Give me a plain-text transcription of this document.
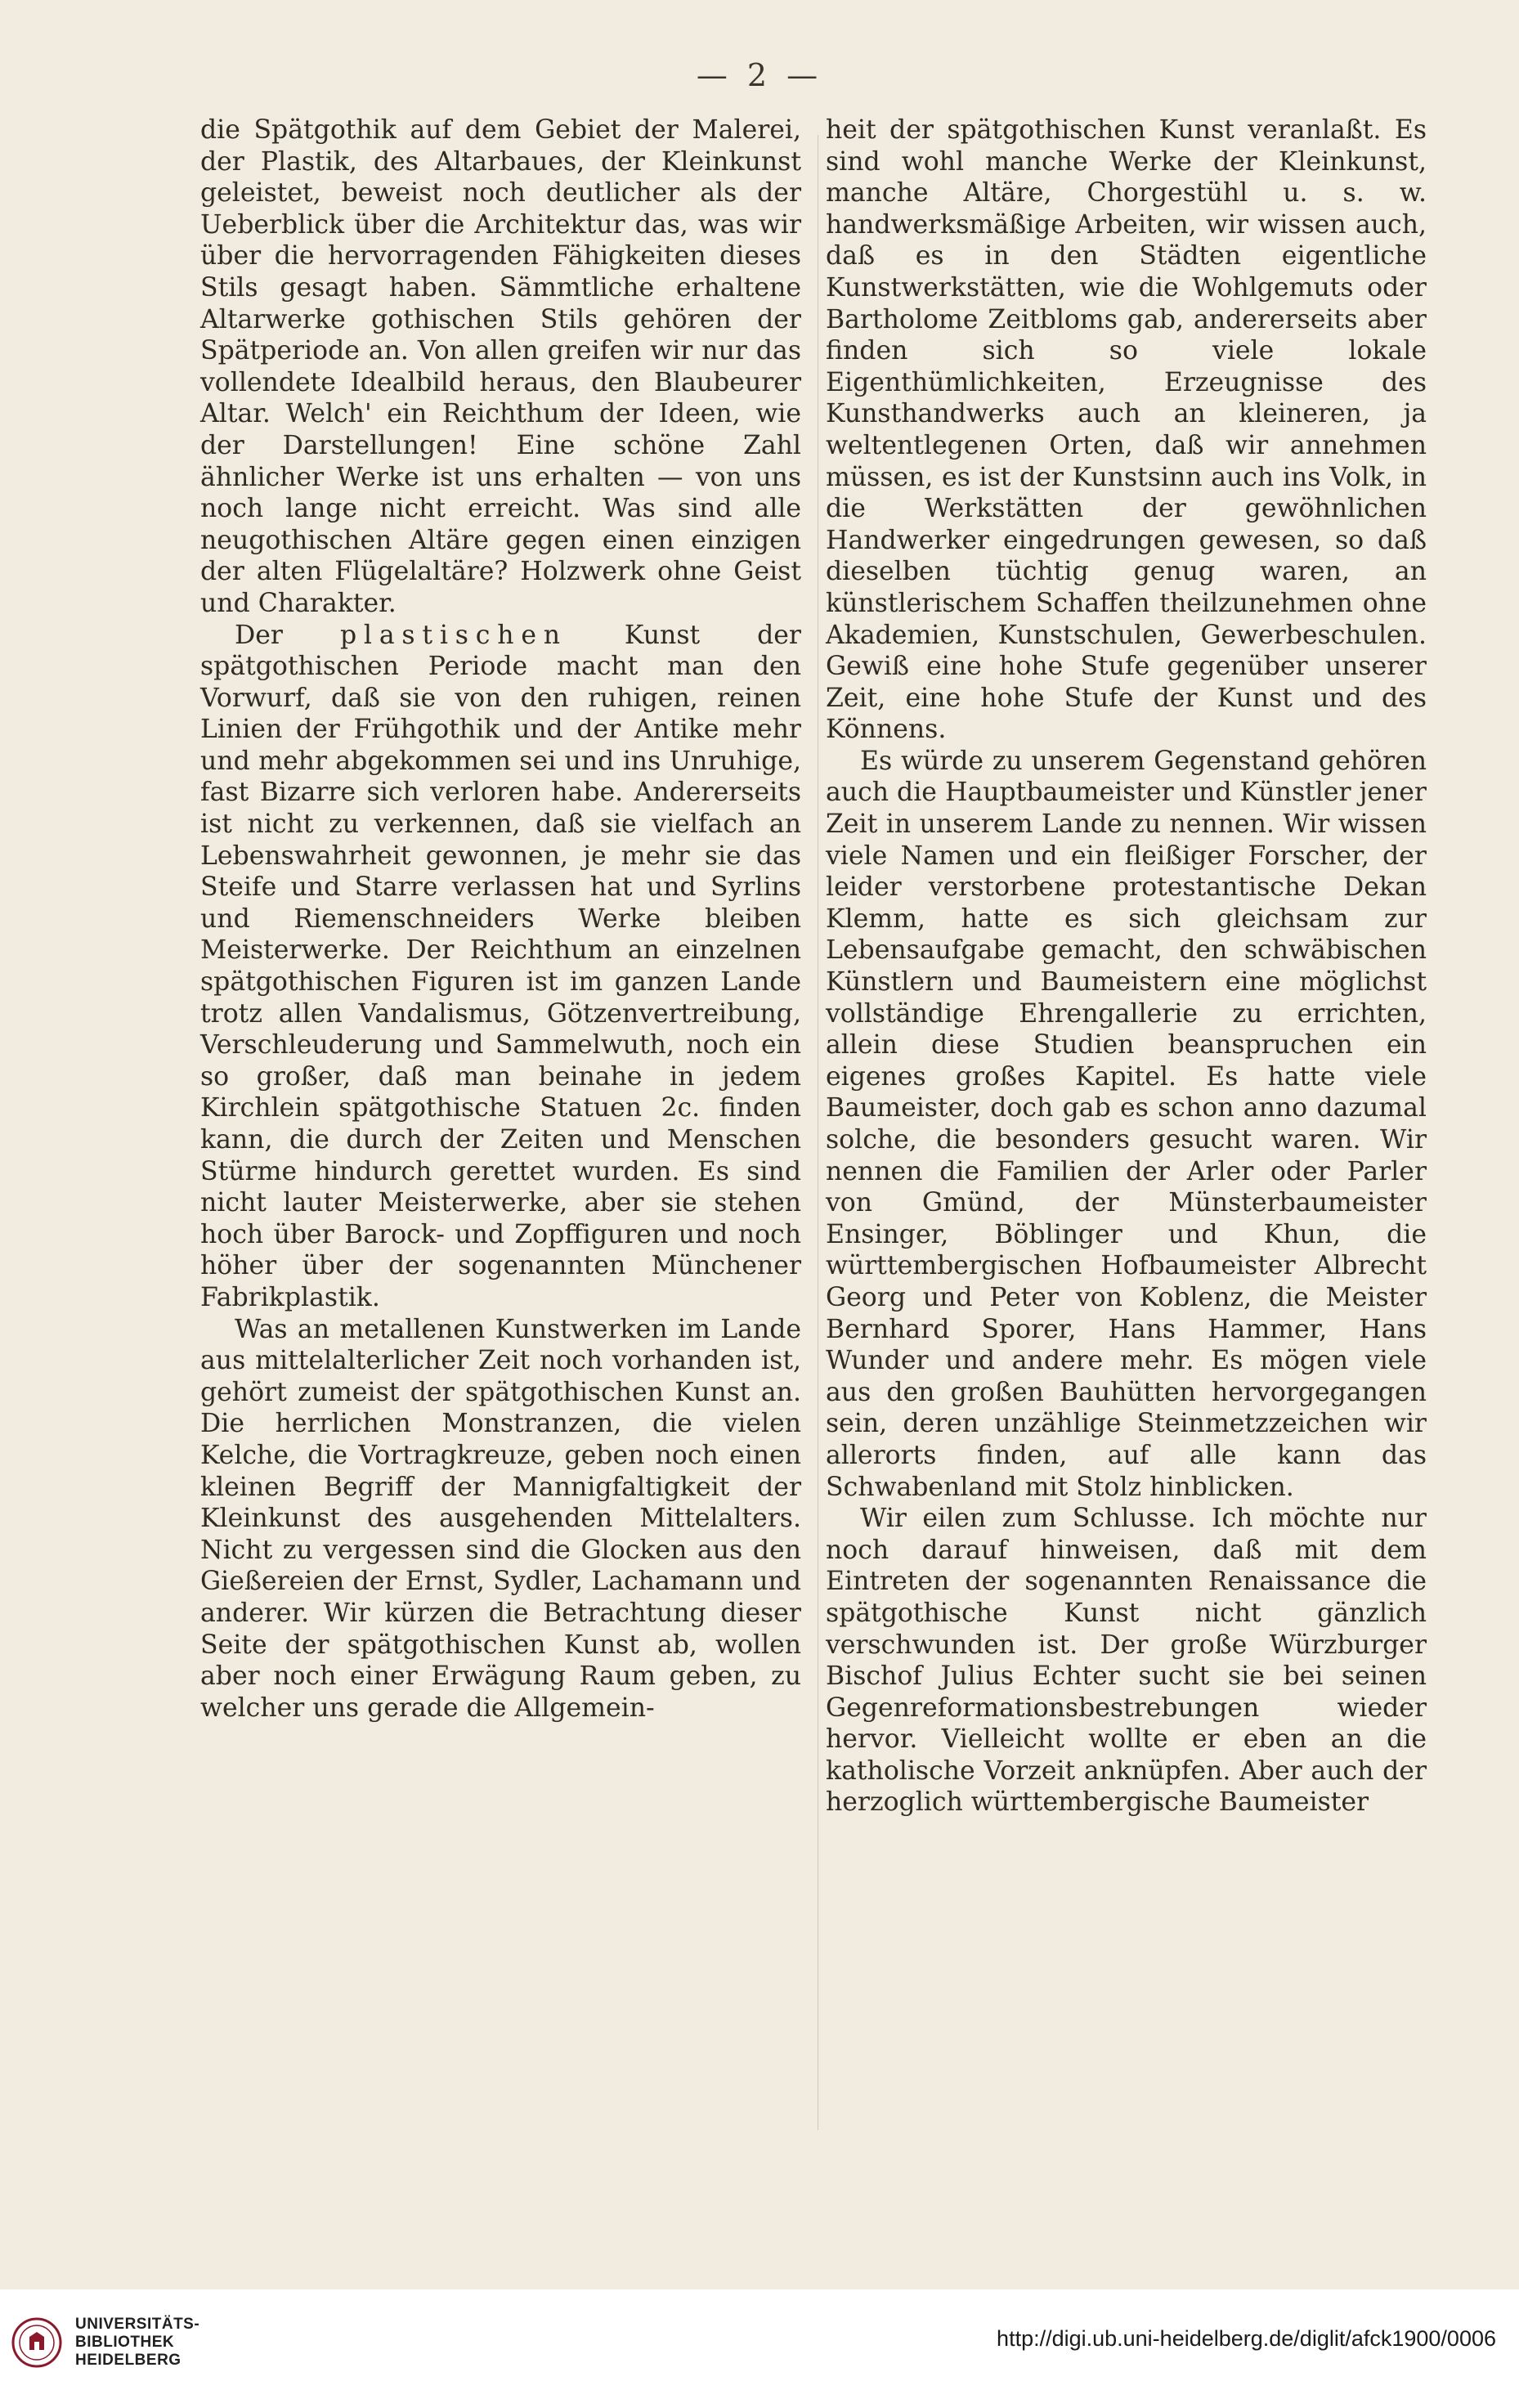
— 2 —

die Spätgothik auf dem Gebiet der Malerei, der Plastik, des Altarbaues, der Kleinkunst geleistet, beweist noch deutlicher als der Ueberblick über die Architektur das, was wir über die hervorragenden Fähigkeiten dieses Stils gesagt haben. Sämmtliche erhaltene Altarwerke gothischen Stils gehören der Spätperiode an. Von allen greifen wir nur das vollendete Idealbild heraus, den Blaubeurer Altar. Welch' ein Reichthum der Ideen, wie der Darstellungen! Eine schöne Zahl ähnlicher Werke ist uns erhalten — von uns noch lange nicht erreicht. Was sind alle neugothischen Altäre gegen einen einzigen der alten Flügelaltäre? Holzwerk ohne Geist und Charakter.

Der plastischen Kunst der spätgothischen Periode macht man den Vorwurf, daß sie von den ruhigen, reinen Linien der Frühgothik und der Antike mehr und mehr abgekommen sei und ins Unruhige, fast Bizarre sich verloren habe. Andererseits ist nicht zu verkennen, daß sie vielfach an Lebenswahrheit gewonnen, je mehr sie das Steife und Starre verlassen hat und Syrlins und Riemenschneiders Werke bleiben Meisterwerke. Der Reichthum an einzelnen spätgothischen Figuren ist im ganzen Lande trotz allen Vandalismus, Götzenvertreibung, Verschleuderung und Sammelwuth, noch ein so großer, daß man beinahe in jedem Kirchlein spätgothische Statuen 2c. finden kann, die durch der Zeiten und Menschen Stürme hindurch gerettet wurden. Es sind nicht lauter Meisterwerke, aber sie stehen hoch über Barock- und Zopffiguren und noch höher über der sogenannten Münchener Fabrikplastik.

Was an metallenen Kunstwerken im Lande aus mittelalterlicher Zeit noch vorhanden ist, gehört zumeist der spätgothischen Kunst an. Die herrlichen Monstranzen, die vielen Kelche, die Vortragkreuze, geben noch einen kleinen Begriff der Mannigfaltigkeit der Kleinkunst des ausgehenden Mittelalters. Nicht zu vergessen sind die Glocken aus den Gießereien der Ernst, Sydler, Lachamann und anderer. Wir kürzen die Betrachtung dieser Seite der spätgothischen Kunst ab, wollen aber noch einer Erwägung Raum geben, zu welcher uns gerade die Allgemein-

heit der spätgothischen Kunst veranlaßt. Es sind wohl manche Werke der Kleinkunst, manche Altäre, Chorgestühl u. s. w. handwerksmäßige Arbeiten, wir wissen auch, daß es in den Städten eigentliche Kunstwerkstätten, wie die Wohlgemuts oder Bartholome Zeitbloms gab, andererseits aber finden sich so viele lokale Eigenthümlichkeiten, Erzeugnisse des Kunsthandwerks auch an kleineren, ja weltentlegenen Orten, daß wir annehmen müssen, es ist der Kunstsinn auch ins Volk, in die Werkstätten der gewöhnlichen Handwerker eingedrungen gewesen, so daß dieselben tüchtig genug waren, an künstlerischem Schaffen theilzunehmen ohne Akademien, Kunstschulen, Gewerbeschulen. Gewiß eine hohe Stufe gegenüber unserer Zeit, eine hohe Stufe der Kunst und des Könnens.

Es würde zu unserem Gegenstand gehören auch die Hauptbaumeister und Künstler jener Zeit in unserem Lande zu nennen. Wir wissen viele Namen und ein fleißiger Forscher, der leider verstorbene protestantische Dekan Klemm, hatte es sich gleichsam zur Lebensaufgabe gemacht, den schwäbischen Künstlern und Baumeistern eine möglichst vollständige Ehrengallerie zu errichten, allein diese Studien beanspruchen ein eigenes großes Kapitel. Es hatte viele Baumeister, doch gab es schon anno dazumal solche, die besonders gesucht waren. Wir nennen die Familien der Arler oder Parler von Gmünd, der Münsterbaumeister Ensinger, Böblinger und Khun, die württembergischen Hofbaumeister Albrecht Georg und Peter von Koblenz, die Meister Bernhard Sporer, Hans Hammer, Hans Wunder und andere mehr. Es mögen viele aus den großen Bauhütten hervorgegangen sein, deren unzählige Steinmetzzeichen wir allerorts finden, auf alle kann das Schwabenland mit Stolz hinblicken.

Wir eilen zum Schlusse. Ich möchte nur noch darauf hinweisen, daß mit dem Eintreten der sogenannten Renaissance die spätgothische Kunst nicht gänzlich verschwunden ist. Der große Würzburger Bischof Julius Echter sucht sie bei seinen Gegenreformationsbestrebungen wieder hervor. Vielleicht wollte er eben an die katholische Vorzeit anknüpfen. Aber auch der herzoglich württembergische Baumeister

UNIVERSITÄTS-
BIBLIOTHEK
HEIDELBERG
http://digi.ub.uni-heidelberg.de/diglit/afck1900/0006
